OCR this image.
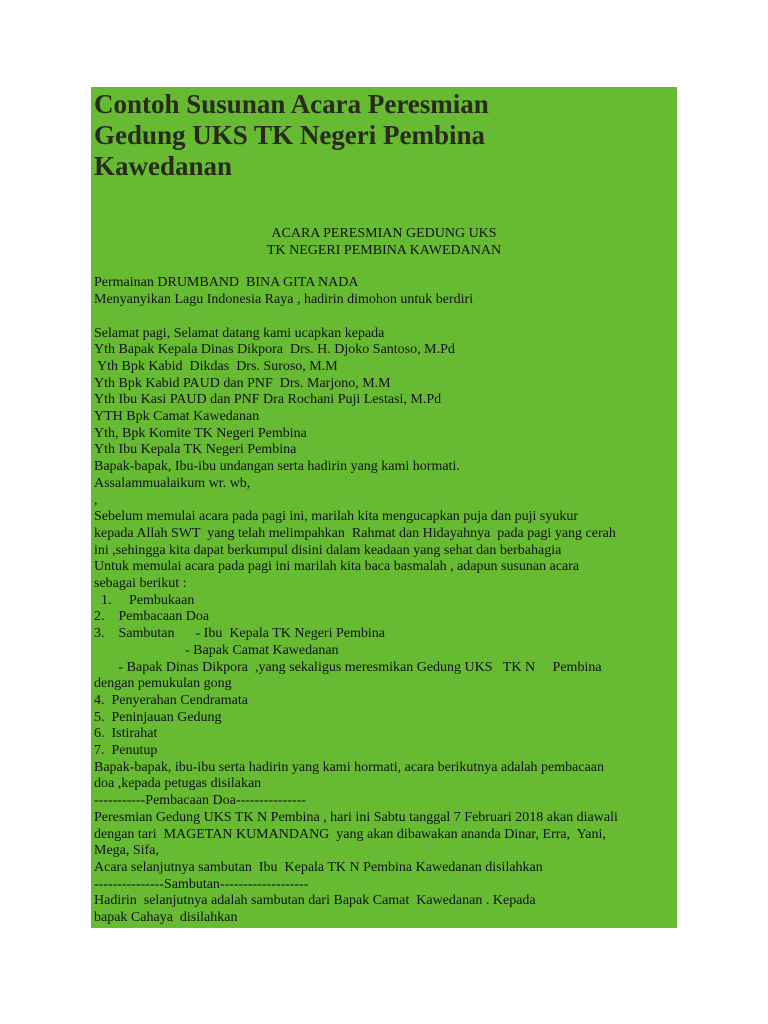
Contoh Susunan Acara Peresmian
Gedung UKS TK Negeri Pembina
Kawedanan
ACARA PERESMIAN GEDUNG UKS
TK NEGERI PEMBINA KAWEDANAN
Permainan DRUMBAND  BINA GITA NADA
Menyanyikan Lagu Indonesia Raya , hadirin dimohon untuk berdiri
Selamat pagi, Selamat datang kami ucapkan kepada
Yth Bapak Kepala Dinas Dikpora  Drs. H. Djoko Santoso, M.Pd
Yth Bpk Kabid  Dikdas  Drs. Suroso, M.M
Yth Bpk Kabid PAUD dan PNF  Drs. Marjono, M.M
Yth Ibu Kasi PAUD dan PNF Dra Rochani Puji Lestasi, M.Pd
YTH Bpk Camat Kawedanan
Yth, Bpk Komite TK Negeri Pembina
Yth Ibu Kepala TK Negeri Pembina
Bapak-bapak, Ibu-ibu undangan serta hadirin yang kami hormati.
Assalammualaikum wr. wb,
,
Sebelum memulai acara pada pagi ini, marilah kita mengucapkan puja dan puji syukur
kepada Allah SWT  yang telah melimpahkan  Rahmat dan Hidayahnya  pada pagi yang cerah
ini ,sehingga kita dapat berkumpul disini dalam keadaan yang sehat dan berbahagia
Untuk memulai acara pada pagi ini marilah kita baca basmalah , adapun susunan acara
sebagai berikut :
1.     Pembukaan
2.    Pembacaan Doa
3.    Sambutan      - Ibu  Kepala TK Negeri Pembina
- Bapak Camat Kawedanan
- Bapak Dinas Dikpora  ,yang sekaligus meresmikan Gedung UKS   TK N     Pembina
dengan pemukulan gong
4.  Penyerahan Cendramata
5.  Peninjauan Gedung
6.  Istirahat
7.  Penutup
Bapak-bapak, ibu-ibu serta hadirin yang kami hormati, acara berikutnya adalah pembacaan
doa ,kepada petugas disilakan
-----------Pembacaan Doa---------------
Peresmian Gedung UKS TK N Pembina , hari ini Sabtu tanggal 7 Februari 2018 akan diawali
dengan tari  MAGETAN KUMANDANG  yang akan dibawakan ananda Dinar, Erra,  Yani,
Mega, Sifa,
Acara selanjutnya sambutan  Ibu  Kepala TK N Pembina Kawedanan disilahkan
---------------Sambutan-------------------
Hadirin  selanjutnya adalah sambutan dari Bapak Camat  Kawedanan . Kepada
bapak Cahaya  disilahkan
